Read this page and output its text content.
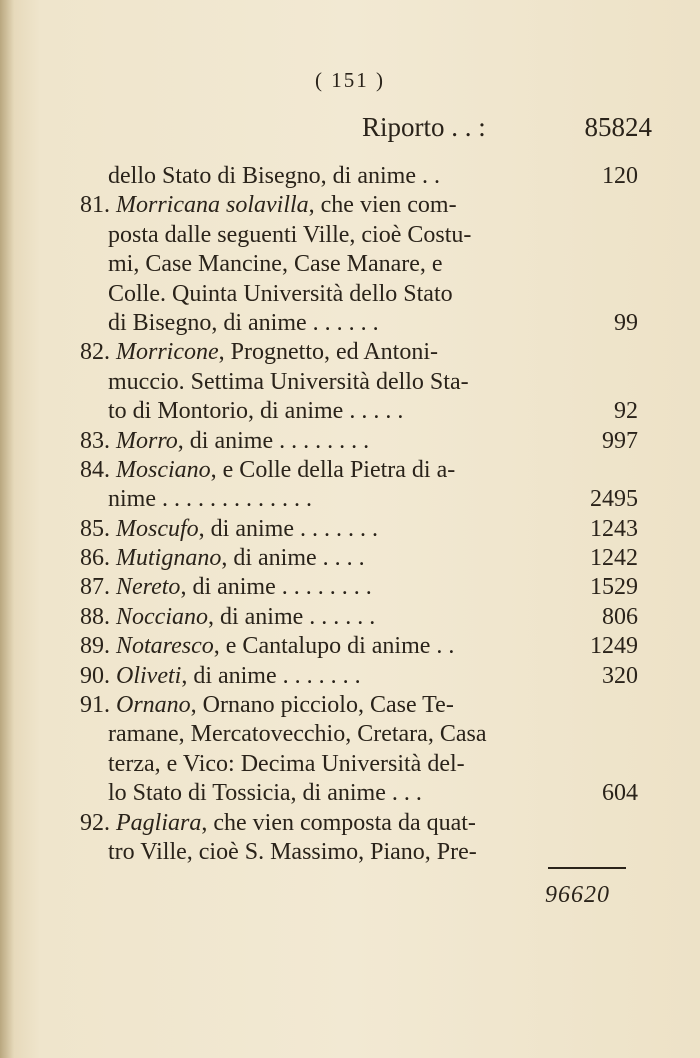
( 151 )
Riporto . . :	85824
dello Stato di Bisegno, di anime . .	120
81. Morricana solavilla, che vien com-
posta dalle seguenti Ville, cioè Costu-
mi, Case Mancine, Case Manare, e
Colle. Quinta Università dello Stato
di Bisegno, di anime . . . . . .	99
82. Morricone, Prognetto, ed Antoni-
muccio. Settima Università dello Sta-
to di Montorio, di anime . . . . .	92
83. Morro, di anime . . . . . . . .	997
84. Mosciano, e Colle della Pietra di a-
nime . . . . . . . . . . . . .	2495
85. Moscufo, di anime . . . . . . .	1243
86. Mutignano, di anime . . . .	1242
87. Nereto, di anime . . . . . . . .	1529
88. Nocciano, di anime . . . . . .	806
89. Notaresco, e Cantalupo di anime . .	1249
90. Oliveti, di anime . . . . . . .	320
91. Ornano, Ornano picciolo, Case Te-
ramane, Mercatovecchio, Cretara, Casa
terza, e Vico: Decima Università del-
lo Stato di Tossicia, di anime . . .	604
92. Pagliara, che vien composta da quat-
tro Ville, cioè S. Massimo, Piano, Pre-
96620
